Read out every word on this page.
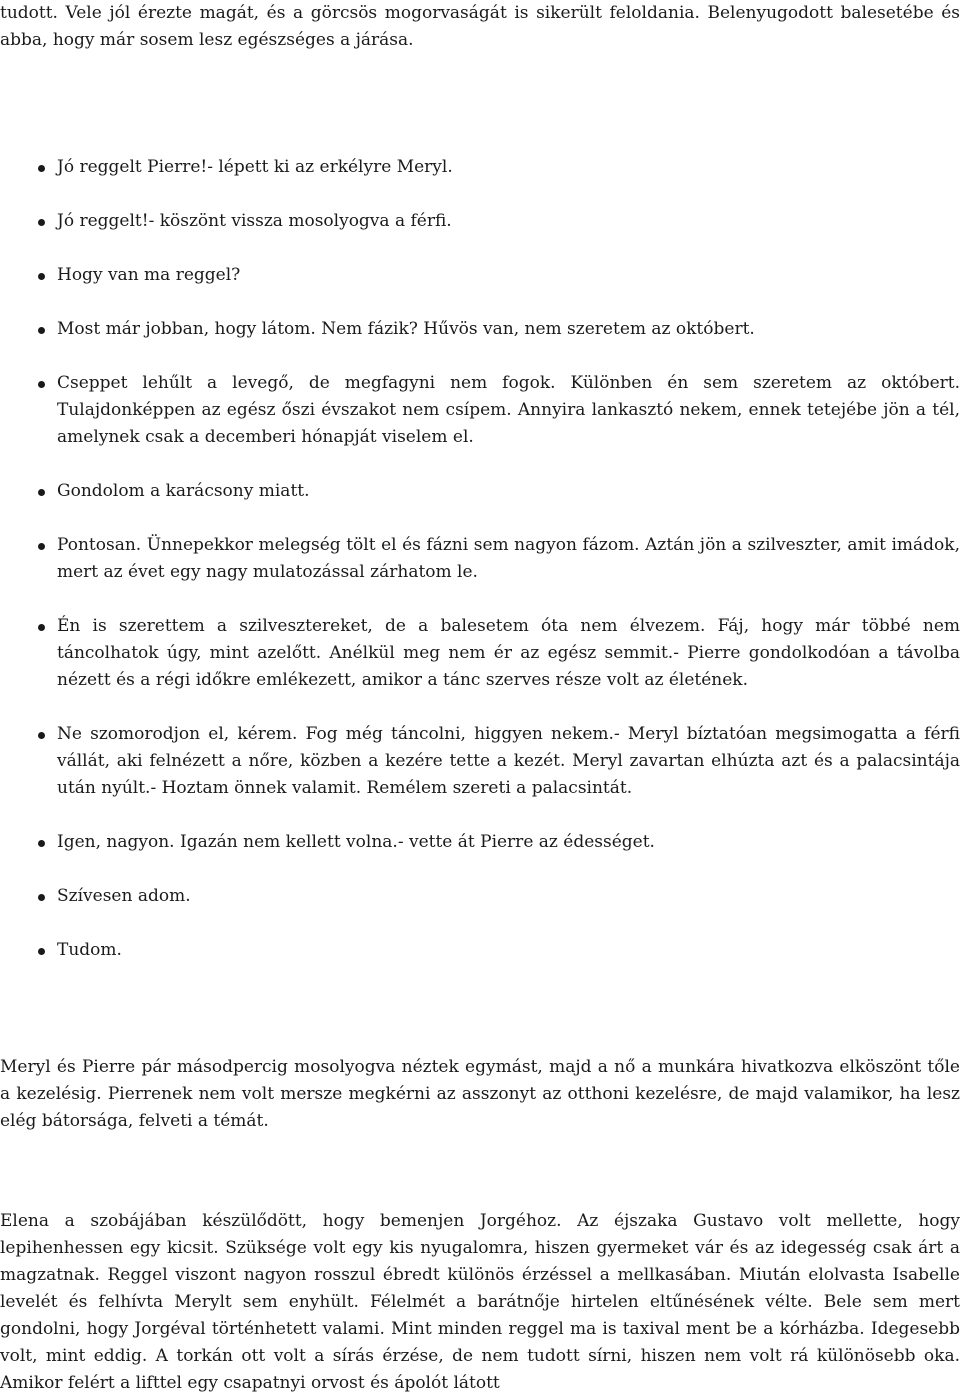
tudott. Vele jól érezte magát, és a görcsös mogorvaságát is sikerült feloldania. Belenyugodott balesetébe és abba, hogy már sosem lesz egészséges a járása.

Jó reggelt Pierre!- lépett ki az erkélyre Meryl.
Jó reggelt!- köszönt vissza mosolyogva a férfi.
Hogy van ma reggel?
Most már jobban, hogy látom. Nem fázik? Hűvös van, nem szeretem az októbert.
Cseppet lehűlt a levegő, de megfagyni nem fogok. Különben én sem szeretem az októbert. Tulajdonképpen az egész őszi évszakot nem csípem. Annyira lankasztó nekem, ennek tetejébe jön a tél, amelynek csak a decemberi hónapját viselem el.
Gondolom a karácsony miatt.
Pontosan. Ünnepekkor melegség tölt el és fázni sem nagyon fázom. Aztán jön a szilveszter, amit imádok, mert az évet egy nagy mulatozással zárhatom le.
Én is szerettem a szilvesztereket, de a balesetem óta nem élvezem. Fáj, hogy már többé nem táncolhatok úgy, mint azelőtt. Anélkül meg nem ér az egész semmit.- Pierre gondolkodóan a távolba nézett és a régi időkre emlékezett, amikor a tánc szerves része volt az életének.
Ne szomorodjon el, kérem. Fog még táncolni, higgyen nekem.- Meryl bíztatóan megsimogatta a férfi vállát, aki felnézett a nőre, közben a kezére tette a kezét. Meryl zavartan elhúzta azt és a palacsintája után nyúlt.- Hoztam önnek valamit. Remélem szereti a palacsintát.
Igen, nagyon. Igazán nem kellett volna.- vette át Pierre az édességet.
Szívesen adom.
Tudom.

Meryl és Pierre pár másodpercig mosolyogva néztek egymást, majd a nő a munkára hivatkozva elköszönt tőle a kezelésig. Pierrenek nem volt mersze megkérni az asszonyt az otthoni kezelésre, de majd valamikor, ha lesz elég bátorsága, felveti a témát.

Elena a szobájában készülődött, hogy bemenjen Jorgéhoz. Az éjszaka Gustavo volt mellette, hogy lepihenhessen egy kicsit. Szüksége volt egy kis nyugalomra, hiszen gyermeket vár és az idegesség csak árt a magzatnak. Reggel viszont nagyon rosszul ébredt különös érzéssel a mellkasában. Miután elolvasta Isabelle levelét és felhívta Merylt sem enyhült. Félelmét a barátnője hirtelen eltűnésének vélte. Bele sem mert gondolni, hogy Jorgéval történhetett valami. Mint minden reggel ma is taxival ment be a kórházba. Idegesebb volt, mint eddig. A torkán ott volt a sírás érzése, de nem tudott sírni, hiszen nem volt rá különösebb oka. Amikor felért a lifttel egy csapatnyi orvost és ápolót látott
